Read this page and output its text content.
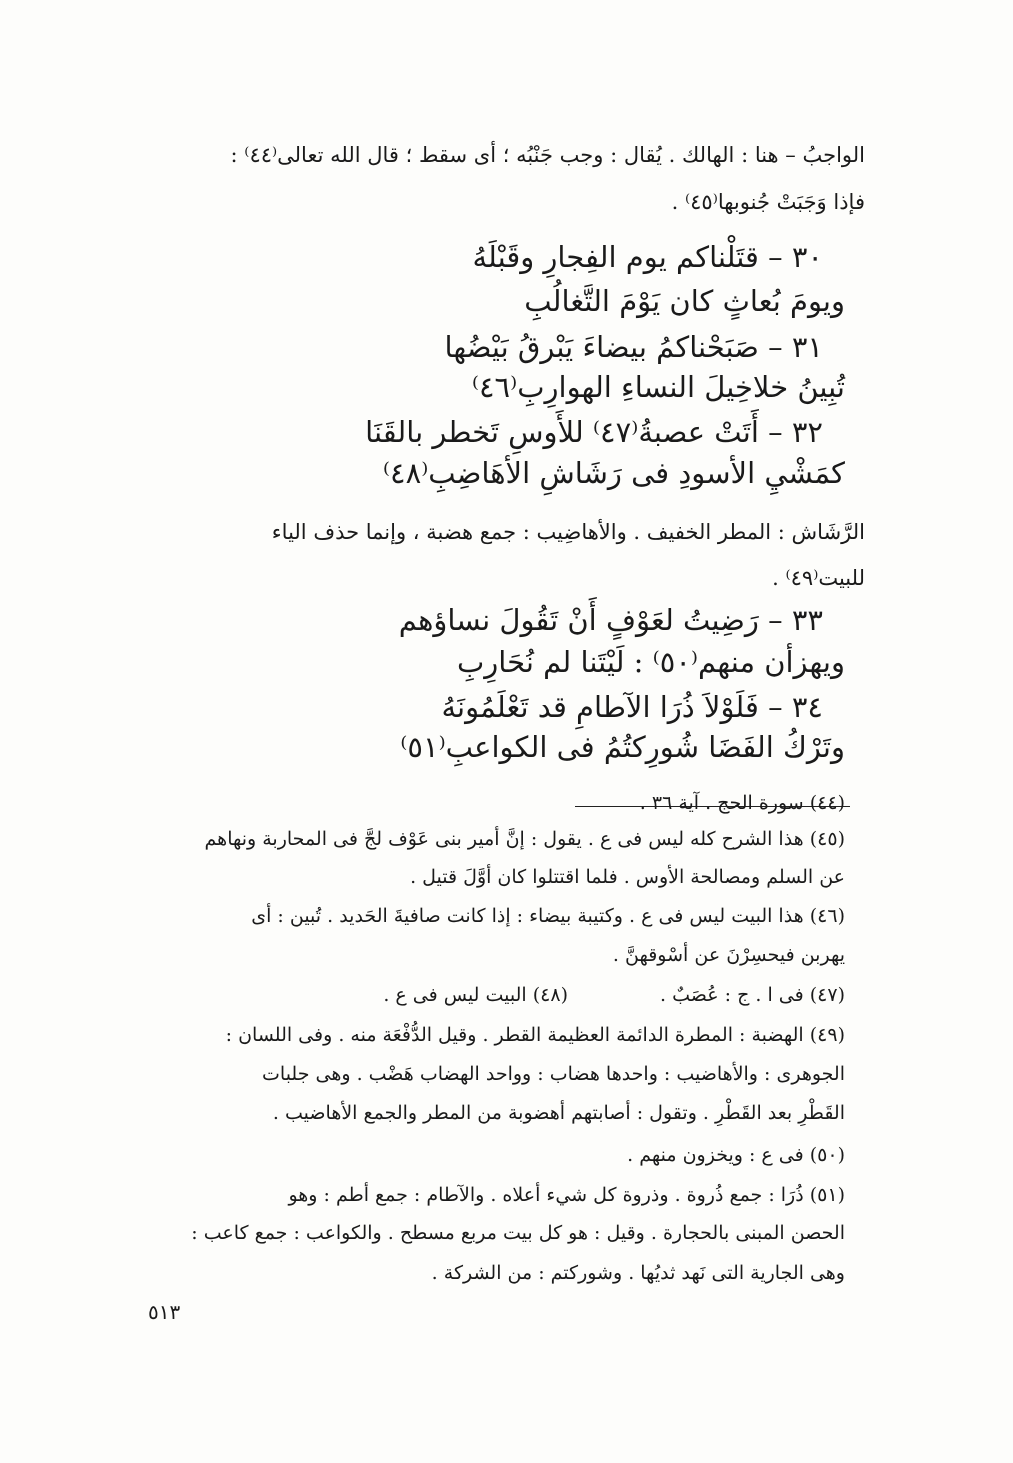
الواجبُ – هنا : الهالك . يُقال : وجب جَنْبُه ؛ أى سقط ؛ قال الله تعالى⁽٤٤⁾ :
فإذا وَجَبَتْ جُنوبها⁽٤٥⁾ .
٣٠ – قتَلْناكم يوم الفِجارِ وقَبْلَهُ
ويومَ بُعاثٍ كان يَوْمَ التَّغالُبِ
٣١ – صَبَحْناكمُ بيضاءَ يَبْرقُ بَيْضُها
تُبِينُ خلاخِيلَ النساءِ الهوارِبِ⁽٤٦⁾
٣٢ – أَتَتْ عصبةُ⁽٤٧⁾ للأَوسِ تَخطر بالقَنَا
كمَشْيِ الأسودِ فى رَشَاشِ الأهَاضِبِ⁽٤٨⁾
الرَّشَاش : المطر الخفيف . والأهاضِيب : جمع هضبة ، وإنما حذف الياء
للبيت⁽٤٩⁾ .
٣٣ – رَضِيتُ لعَوْفٍ أَنْ تَقُولَ نساؤهم
ويهزأن منهم⁽٥٠⁾ : لَيْتَنا لم نُحَارِبِ
٣٤ – فَلَوْلاَ ذُرَا الآطامِ قد تَعْلَمُونَهُ
وتَرْكُ الفَضَا شُورِكتُمُ فى الكواعبِ⁽٥١⁾
(٤٤) سورة الحج . آية ٣٦ .
(٤٥) هذا الشرح كله ليس فى ع . يقول : إنَّ أمير بنى عَوْف لجَّ فى المحاربة ونهاهم
عن السلم ومصالحة الأوس . فلما اقتتلوا كان أوَّلَ قتيل .
(٤٦) هذا البيت ليس فى ع . وكتيبة بيضاء : إذا كانت صافيةَ الحَديد . تُبين : أى
يهربن فيحسِرْنَ عن أسْوقهنَّ .
(٤٧) فى ا . ج : عُصَبٌ .
(٤٨) البيت ليس فى ع .
(٤٩) الهضبة : المطرة الدائمة العظيمة القطر . وقيل الدُّفْعَة منه . وفى اللسان :
الجوهرى : والأهاضيب : واحدها هضاب : وواحد الهضاب هَضْب . وهى جلبات
القَطْرِ بعد القَطْرِ . وتقول : أصابتهم أهضوبة من المطر والجمع الأهاضيب .
(٥٠) فى ع : ويخزون منهم .
(٥١) ذُرَا : جمع ذُروة . وذروة كل شيء أعلاه . والآطام : جمع أطم : وهو
الحصن المبنى بالحجارة . وقيل : هو كل بيت مربع مسطح . والكواعب : جمع كاعب :
وهى الجارية التى نَهد ثديُها . وشوركتم : من الشركة .
٥١٣
